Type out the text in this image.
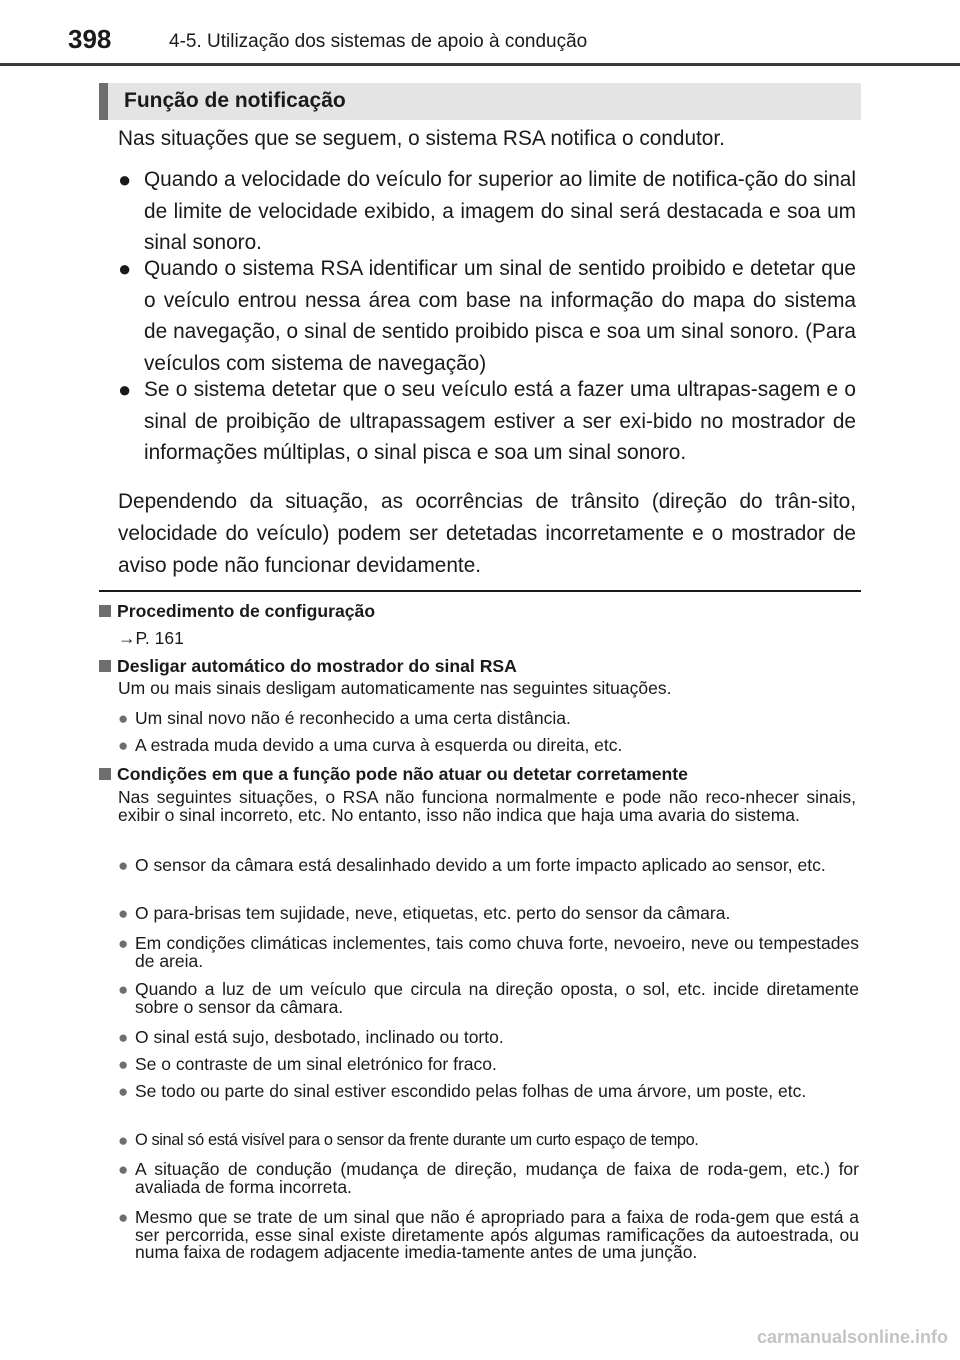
398	4-5. Utilização dos sistemas de apoio à condução
Função de notificação
Nas situações que se seguem, o sistema RSA notifica o condutor.
● Quando a velocidade do veículo for superior ao limite de notifica-ção do sinal de limite de velocidade exibido, a imagem do sinal será destacada e soa um sinal sonoro.
● Quando o sistema RSA identificar um sinal de sentido proibido e detetar que o veículo entrou nessa área com base na informação do mapa do sistema de navegação, o sinal de sentido proibido pisca e soa um sinal sonoro. (Para veículos com sistema de navegação)
● Se o sistema detetar que o seu veículo está a fazer uma ultrapas-sagem e o sinal de proibição de ultrapassagem estiver a ser exi-bido no mostrador de informações múltiplas, o sinal pisca e soa um sinal sonoro.
Dependendo da situação, as ocorrências de trânsito (direção do trân-sito, velocidade do veículo) podem ser detetadas incorretamente e o mostrador de aviso pode não funcionar devidamente.
Procedimento de configuração
→P. 161
Desligar automático do mostrador do sinal RSA
Um ou mais sinais desligam automaticamente nas seguintes situações.
● Um sinal novo não é reconhecido a uma certa distância.
● A estrada muda devido a uma curva à esquerda ou direita, etc.
Condições em que a função pode não atuar ou detetar corretamente
Nas seguintes situações, o RSA não funciona normalmente e pode não reco-nhecer sinais, exibir o sinal incorreto, etc. No entanto, isso não indica que haja uma avaria do sistema.
● O sensor da câmara está desalinhado devido a um forte impacto aplicado ao sensor, etc.
● O para-brisas tem sujidade, neve, etiquetas, etc. perto do sensor da câmara.
● Em condições climáticas inclementes, tais como chuva forte, nevoeiro, neve ou tempestades de areia.
● Quando a luz de um veículo que circula na direção oposta, o sol, etc. incide diretamente sobre o sensor da câmara.
● O sinal está sujo, desbotado, inclinado ou torto.
● Se o contraste de um sinal eletrónico for fraco.
● Se todo ou parte do sinal estiver escondido pelas folhas de uma árvore, um poste, etc.
● O sinal só está visível para o sensor da frente durante um curto espaço de tempo.
● A situação de condução (mudança de direção, mudança de faixa de roda-gem, etc.) for avaliada de forma incorreta.
● Mesmo que se trate de um sinal que não é apropriado para a faixa de roda-gem que está a ser percorrida, esse sinal existe diretamente após algumas ramificações da autoestrada, ou numa faixa de rodagem adjacente imedia-tamente antes de uma junção.
carmanualsonline.info
